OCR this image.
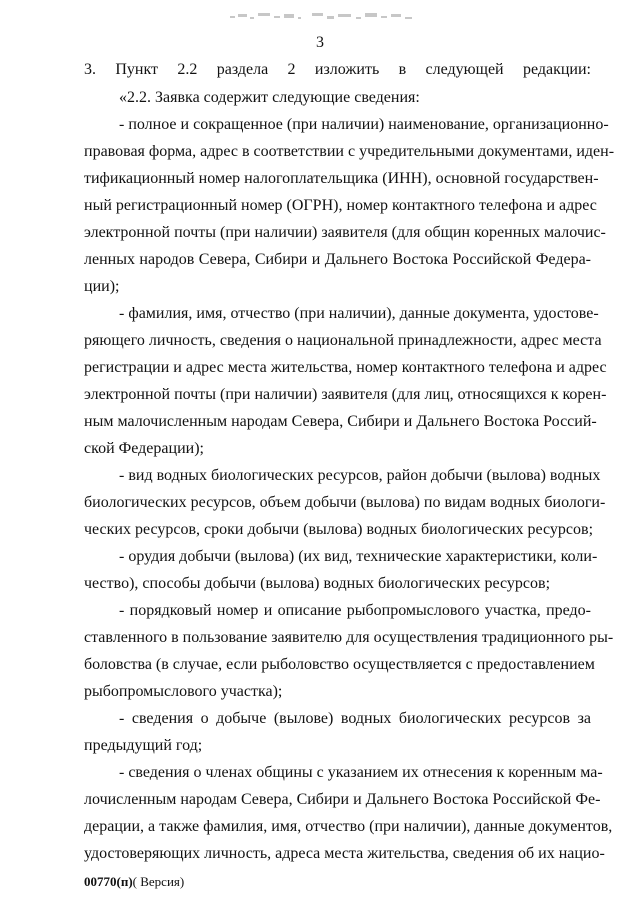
3
3. Пункт 2.2 раздела 2 изложить в следующей редакции:
«2.2. Заявка содержит следующие сведения:
- полное и сокращенное (при наличии) наименование, организационно-
правовая форма, адрес в соответствии с учредительными документами, иден-
тификационный номер налогоплательщика (ИНН), основной государствен-
ный регистрационный номер (ОГРН), номер контактного телефона и адрес
электронной почты (при наличии) заявителя (для общин коренных малочис-
ленных народов Севера, Сибири и Дальнего Востока Российской Федера-
ции);
- фамилия, имя, отчество (при наличии), данные документа, удостове-
ряющего личность, сведения о национальной принадлежности, адрес места
регистрации и адрес места жительства, номер контактного телефона и адрес
электронной почты (при наличии) заявителя (для лиц, относящихся к корен-
ным малочисленным народам Севера, Сибири и Дальнего Востока Россий-
ской Федерации);
- вид водных биологических ресурсов, район добычи (вылова) водных
биологических ресурсов, объем добычи (вылова) по видам водных биологи-
ческих ресурсов, сроки добычи (вылова) водных биологических ресурсов;
- орудия добычи (вылова) (их вид, технические характеристики, коли-
чество), способы добычи (вылова) водных биологических ресурсов;
- порядковый номер и описание рыбопромыслового участка, предо-
ставленного в пользование заявителю для осуществления традиционного ры-
боловства (в случае, если рыболовство осуществляется с предоставлением
рыбопромыслового участка);
- сведения о добыче (вылове) водных биологических ресурсов за
предыдущий год;
- сведения о членах общины с указанием их отнесения к коренным ма-
лочисленным народам Севера, Сибири и Дальнего Востока Российской Фе-
дерации, а также фамилия, имя, отчество (при наличии), данные документов,
удостоверяющих личность, адреса места жительства, сведения об их нацио-
00770(п)( Версия)
